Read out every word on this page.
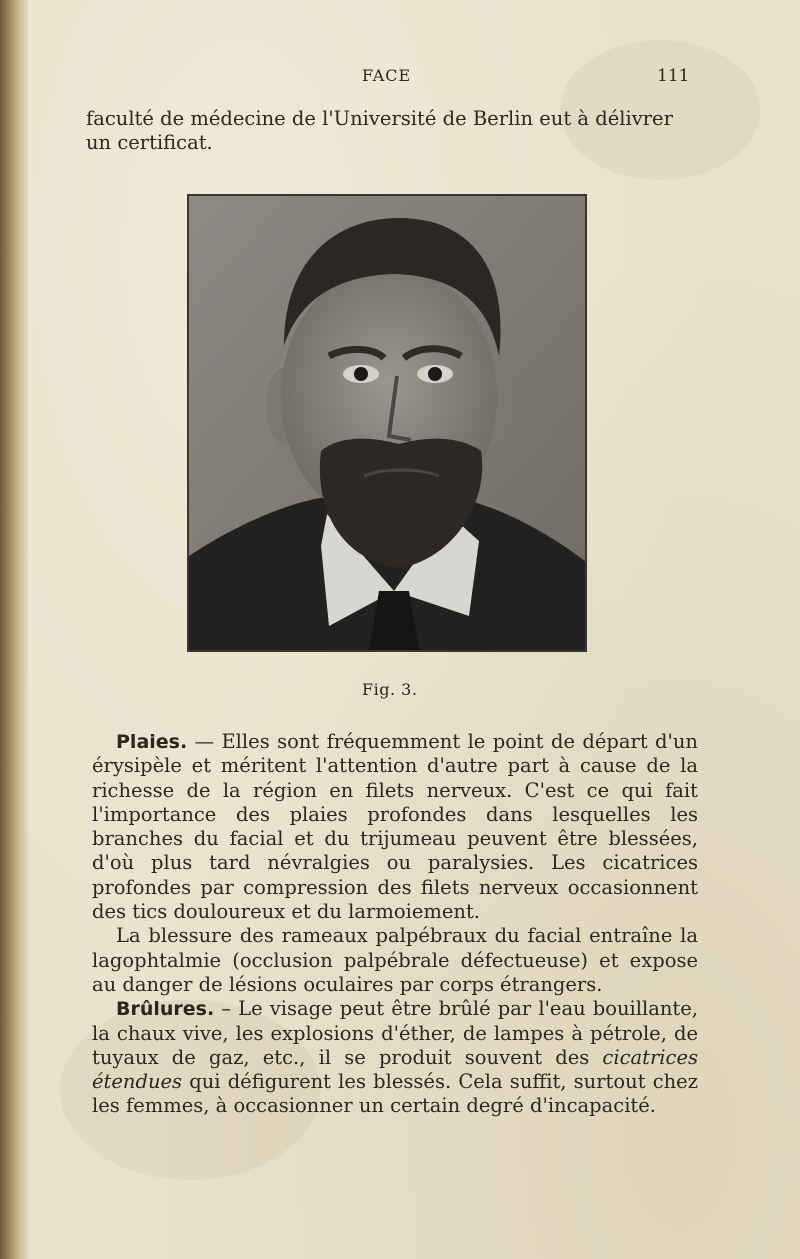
FACE	111

faculté de médecine de l'Université de Berlin eut à délivrer un certificat.

Fig. 3.

Plaies. — Elles sont fréquemment le point de départ d'un érysipèle et méritent l'attention d'autre part à cause de la richesse de la région en filets nerveux. C'est ce qui fait l'importance des plaies profondes dans lesquelles les branches du facial et du trijumeau peuvent être blessées, d'où plus tard névralgies ou paralysies. Les cicatrices profondes par compression des filets nerveux occasionnent des tics douloureux et du larmoiement.

La blessure des rameaux palpébraux du facial entraîne la lagophtalmie (occlusion palpébrale défectueuse) et expose au danger de lésions oculaires par corps étrangers.

Brûlures. – Le visage peut être brûlé par l'eau bouillante, la chaux vive, les explosions d'éther, de lampes à pétrole, de tuyaux de gaz, etc., il se produit souvent des cicatrices étendues qui défigurent les blessés. Cela suffit, surtout chez les femmes, à occasionner un certain degré d'incapacité.
